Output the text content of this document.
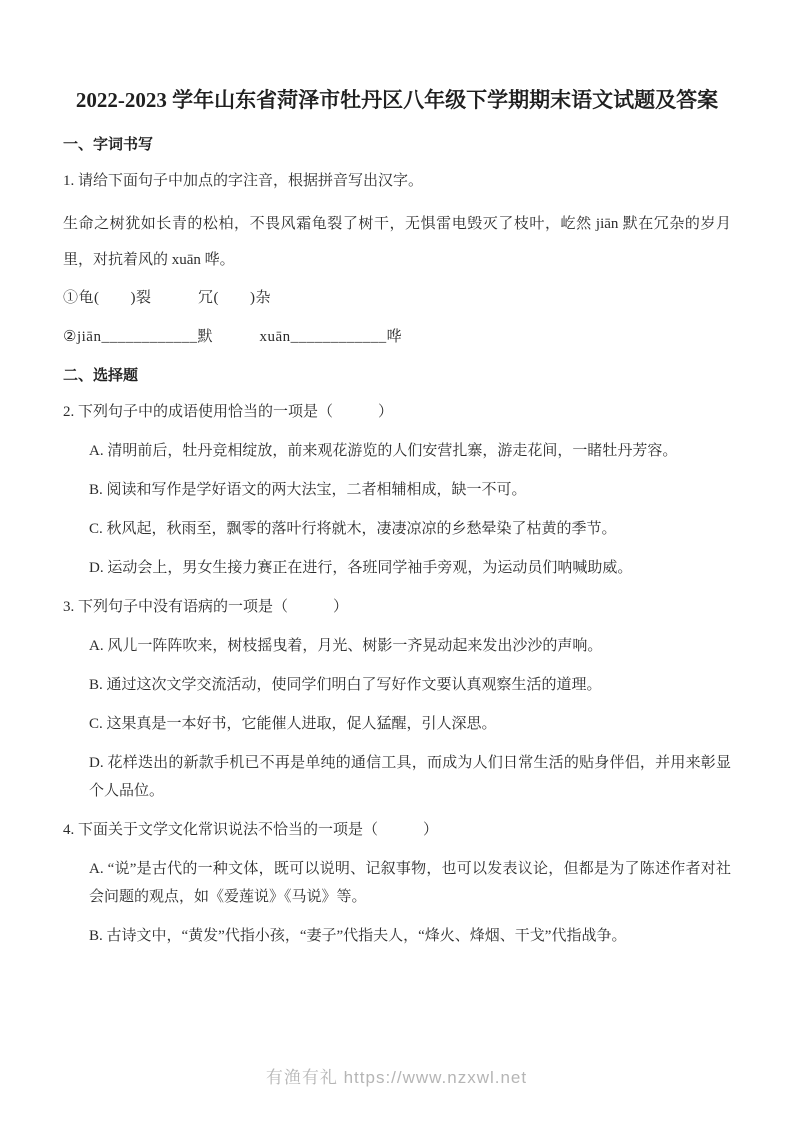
2022-2023 学年山东省菏泽市牡丹区八年级下学期期末语文试题及答案
一、字词书写

1. 请给下面句子中加点的字注音，根据拼音写出汉字。

生命之树犹如长青的松柏，不畏风霜龟裂了树干，无惧雷电毁灭了枝叶，屹然 jiān 默在冗杂的岁月里，对抗着风的 xuān 哗。

①龟(　　)裂　　　冗(　　)杂

②jiān____________默　　　xuān____________哗

二、选择题

2. 下列句子中的成语使用恰当的一项是（　　　）

A. 清明前后，牡丹竞相绽放，前来观花游览的人们安营扎寨，游走花间，一睹牡丹芳容。

B. 阅读和写作是学好语文的两大法宝，二者相辅相成，缺一不可。

C. 秋风起，秋雨至，飘零的落叶行将就木，凄凄凉凉的乡愁晕染了枯黄的季节。

D. 运动会上，男女生接力赛正在进行，各班同学袖手旁观，为运动员们呐喊助威。

3. 下列句子中没有语病的一项是（　　　）

A. 风儿一阵阵吹来，树枝摇曳着，月光、树影一齐晃动起来发出沙沙的声响。

B. 通过这次文学交流活动，使同学们明白了写好作文要认真观察生活的道理。

C. 这果真是一本好书，它能催人进取，促人猛醒，引人深思。

D. 花样迭出的新款手机已不再是单纯的通信工具，而成为人们日常生活的贴身伴侣，并用来彰显个人品位。

4. 下面关于文学文化常识说法不恰当的一项是（　　　）

A. “说”是古代的一种文体，既可以说明、记叙事物，也可以发表议论，但都是为了陈述作者对社会问题的观点，如《爱莲说》《马说》等。

B. 古诗文中，“黄发”代指小孩，“妻子”代指夫人，“烽火、烽烟、干戈”代指战争。

有渔有礼 https://www.nzxwl.net
